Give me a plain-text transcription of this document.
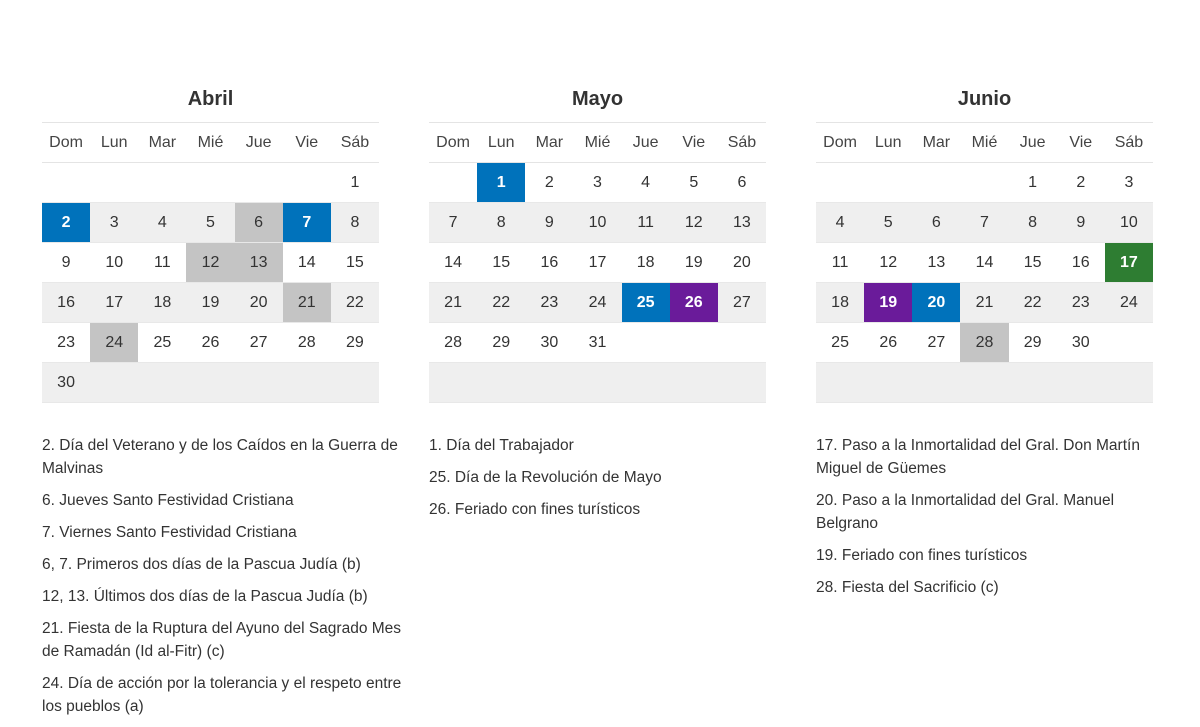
Abril
Dom	Lun	Mar	Mié	Jue	Vie	Sáb
						1
2	3	4	5	6	7	8
9	10	11	12	13	14	15
16	17	18	19	20	21	22
23	24	25	26	27	28	29
30						
Mayo
Dom	Lun	Mar	Mié	Jue	Vie	Sáb
	1	2	3	4	5	6
7	8	9	10	11	12	13
14	15	16	17	18	19	20
21	22	23	24	25	26	27
28	29	30	31			

Junio
Dom	Lun	Mar	Mié	Jue	Vie	Sáb
				1	2	3
4	5	6	7	8	9	10
11	12	13	14	15	16	17
18	19	20	21	22	23	24
25	26	27	28	29	30	

2. Día del Veterano y de los Caídos en la Guerra de Malvinas
6. Jueves Santo Festividad Cristiana
7. Viernes Santo Festividad Cristiana
6, 7. Primeros dos días de la Pascua Judía (b)
12, 13. Últimos dos días de la Pascua Judía (b)
21. Fiesta de la Ruptura del Ayuno del Sagrado Mes de Ramadán (Id al-Fitr) (c)
24. Día de acción por la tolerancia y el respeto entre los pueblos (a)
1. Día del Trabajador
25. Día de la Revolución de Mayo
26. Feriado con fines turísticos
17. Paso a la Inmortalidad del Gral. Don Martín Miguel de Güemes
20. Paso a la Inmortalidad del Gral. Manuel Belgrano
19. Feriado con fines turísticos
28. Fiesta del Sacrificio (c)
